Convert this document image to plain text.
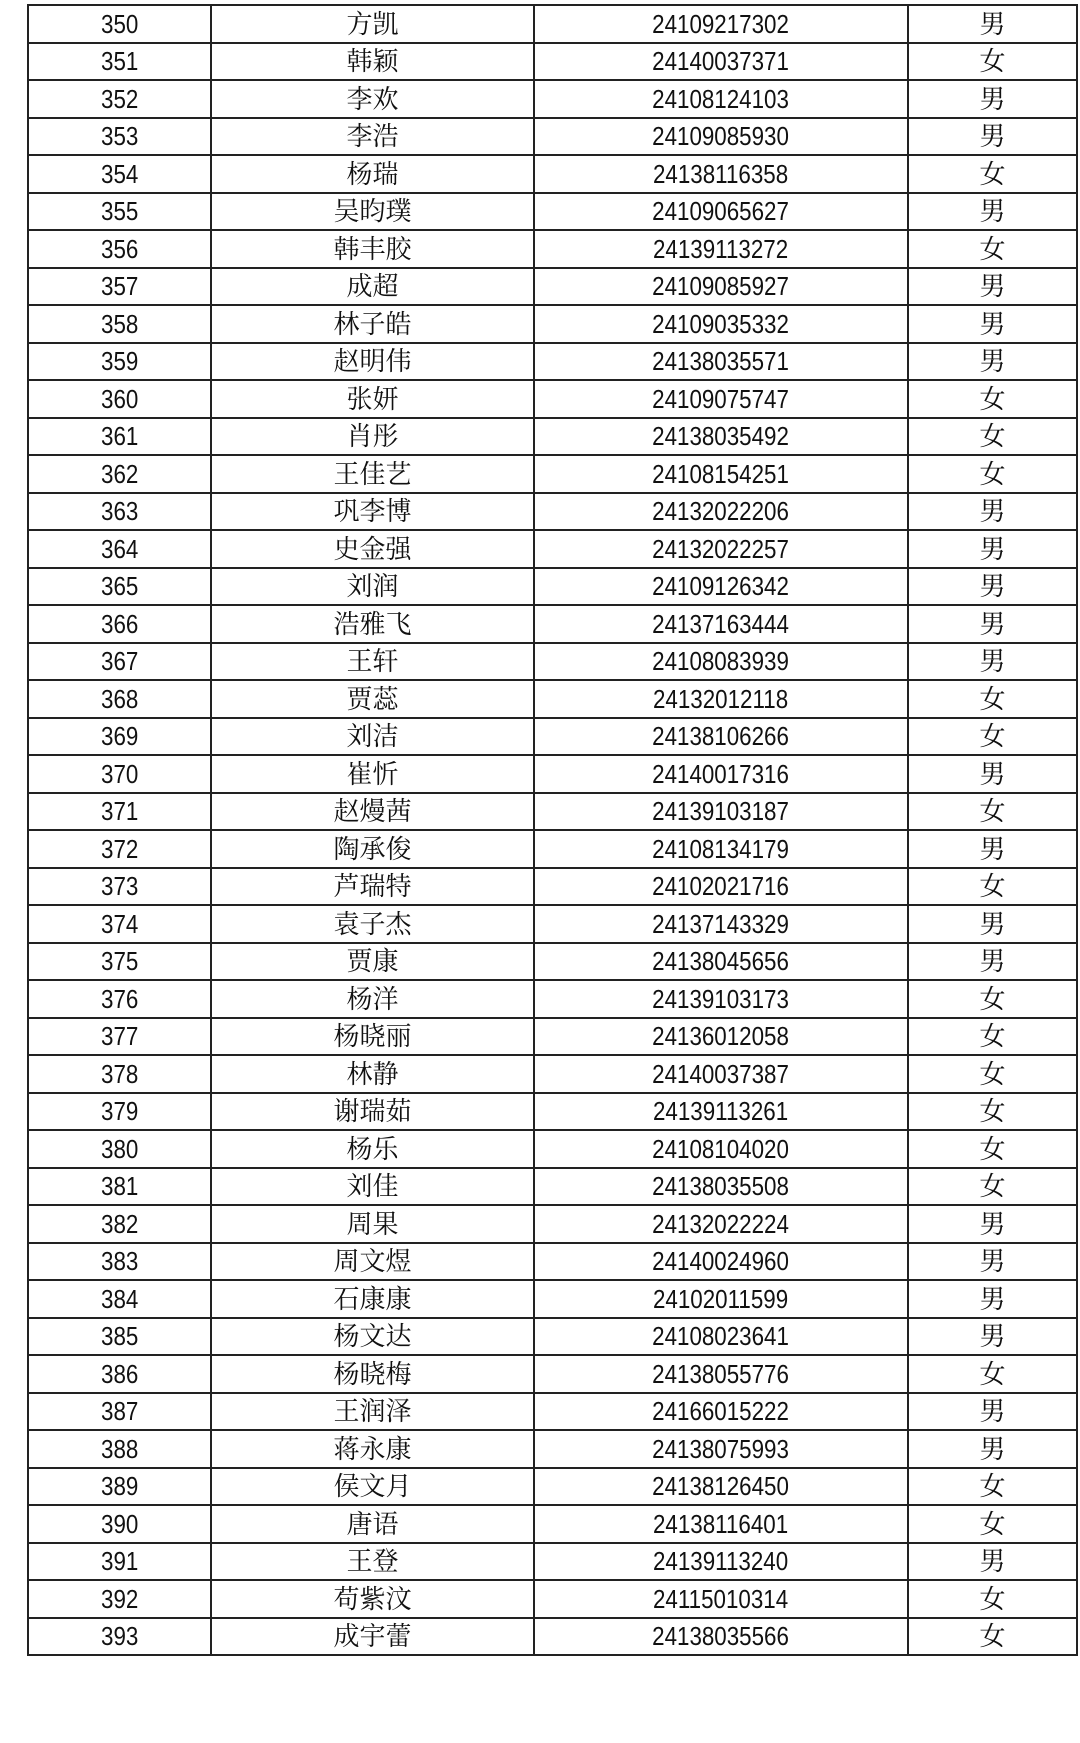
350	方凯	24109217302	男
351	韩颖	24140037371	女
352	李欢	24108124103	男
353	李浩	24109085930	男
354	杨瑞	24138116358	女
355	吴昀璞	24109065627	男
356	韩丰胶	24139113272	女
357	成超	24109085927	男
358	林子皓	24109035332	男
359	赵明伟	24138035571	男
360	张妍	24109075747	女
361	肖彤	24138035492	女
362	王佳艺	24108154251	女
363	巩李博	24132022206	男
364	史金强	24132022257	男
365	刘润	24109126342	男
366	浩雅飞	24137163444	男
367	王轩	24108083939	男
368	贾蕊	24132012118	女
369	刘洁	24138106266	女
370	崔忻	24140017316	男
371	赵熳茜	24139103187	女
372	陶承俊	24108134179	男
373	芦瑞特	24102021716	女
374	袁子杰	24137143329	男
375	贾康	24138045656	男
376	杨洋	24139103173	女
377	杨晓丽	24136012058	女
378	林静	24140037387	女
379	谢瑞茹	24139113261	女
380	杨乐	24108104020	女
381	刘佳	24138035508	女
382	周果	24132022224	男
383	周文煜	24140024960	男
384	石康康	24102011599	男
385	杨文达	24108023641	男
386	杨晓梅	24138055776	女
387	王润泽	24166015222	男
388	蒋永康	24138075993	男
389	侯文月	24138126450	女
390	唐语	24138116401	女
391	王登	24139113240	男
392	苟紫汶	24115010314	女
393	成宇蕾	24138035566	女
